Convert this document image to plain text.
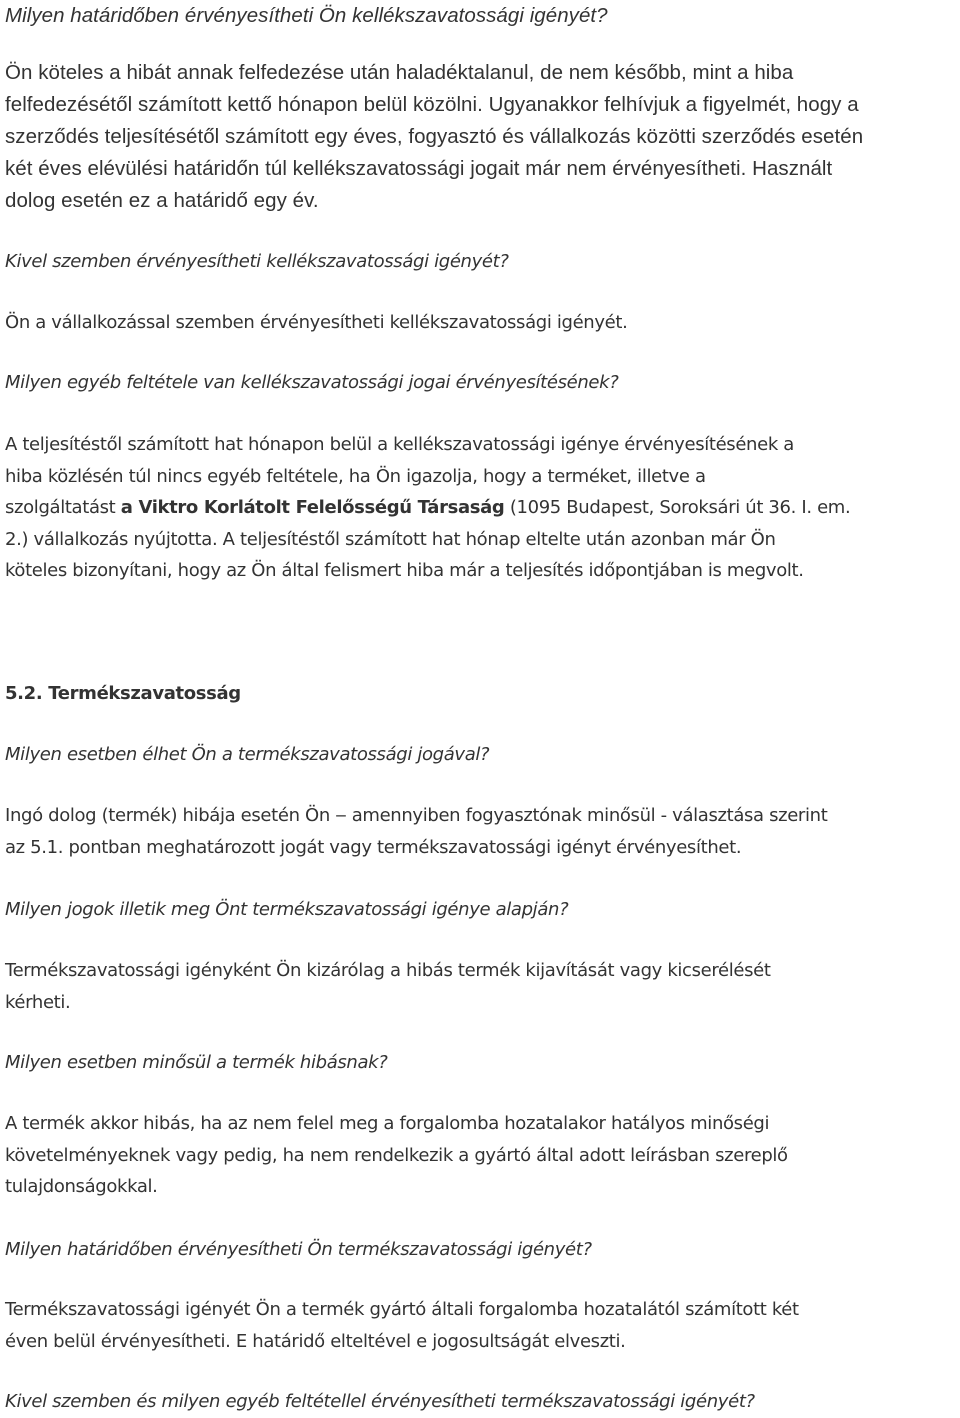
Milyen határidőben érvényesítheti Ön kellékszavatossági igényét?

Ön köteles a hibát annak felfedezése után haladéktalanul, de nem később, mint a hiba
felfedezésétől számított kettő hónapon belül közölni. Ugyanakkor felhívjuk a figyelmét, hogy a
szerződés teljesítésétől számított egy éves, fogyasztó és vállalkozás közötti szerződés esetén
két éves elévülési határidőn túl kellékszavatossági jogait már nem érvényesítheti. Használt
dolog esetén ez a határidő egy év.

Kivel szemben érvényesítheti kellékszavatossági igényét?

Ön a vállalkozással szemben érvényesítheti kellékszavatossági igényét.

Milyen egyéb feltétele van kellékszavatossági jogai érvényesítésének?

A teljesítéstől számított hat hónapon belül a kellékszavatossági igénye érvényesítésének a
hiba közlésén túl nincs egyéb feltétele, ha Ön igazolja, hogy a terméket, illetve a
szolgáltatást a Viktro Korlátolt Felelősségű Társaság (1095 Budapest, Soroksári út 36. I. em.
2.) vállalkozás nyújtotta. A teljesítéstől számított hat hónap eltelte után azonban már Ön
köteles bizonyítani, hogy az Ön által felismert hiba már a teljesítés időpontjában is megvolt.

5.2. Termékszavatosság

Milyen esetben élhet Ön a termékszavatossági jogával?

Ingó dolog (termék) hibája esetén Ön ‒ amennyiben fogyasztónak minősül - választása szerint
az 5.1. pontban meghatározott jogát vagy termékszavatossági igényt érvényesíthet.

Milyen jogok illetik meg Önt termékszavatossági igénye alapján?

Termékszavatossági igényként Ön kizárólag a hibás termék kijavítását vagy kicserélését
kérheti.

Milyen esetben minősül a termék hibásnak?

A termék akkor hibás, ha az nem felel meg a forgalomba hozatalakor hatályos minőségi
követelményeknek vagy pedig, ha nem rendelkezik a gyártó által adott leírásban szereplő
tulajdonságokkal.

Milyen határidőben érvényesítheti Ön termékszavatossági igényét?

Termékszavatossági igényét Ön a termék gyártó általi forgalomba hozatalától számított két
éven belül érvényesítheti. E határidő elteltével e jogosultságát elveszti.

Kivel szemben és milyen egyéb feltétellel érvényesítheti termékszavatossági igényét?
